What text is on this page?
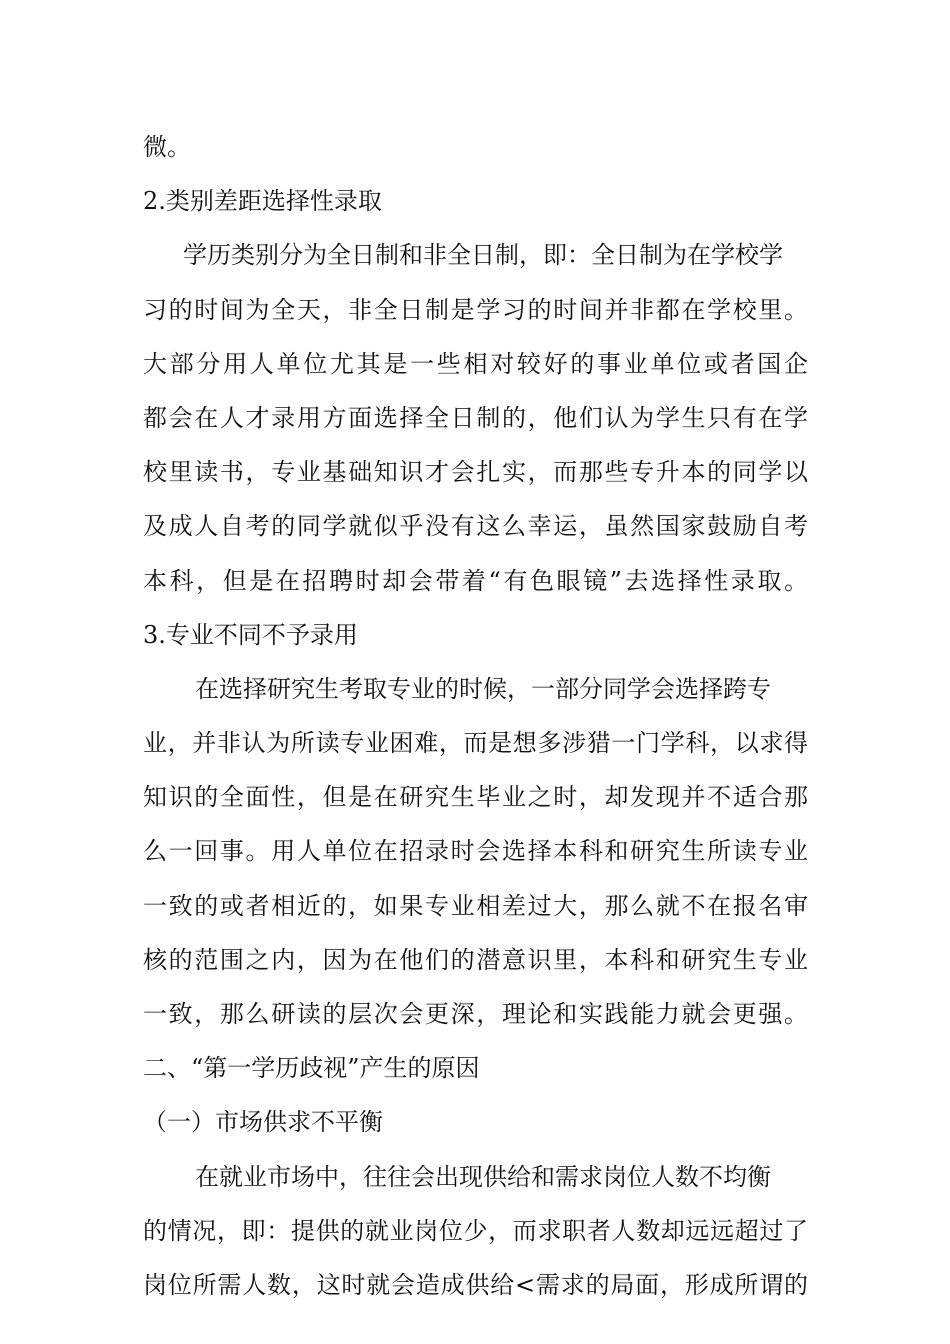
微。
2.类别差距选择性录取
学历类别分为全日制和非全日制，即：全日制为在学校学
习的时间为全天，非全日制是学习的时间并非都在学校里。
大部分用人单位尤其是一些相对较好的事业单位或者国企
都会在人才录用方面选择全日制的，他们认为学生只有在学
校里读书，专业基础知识才会扎实，而那些专升本的同学以
及成人自考的同学就似乎没有这么幸运，虽然国家鼓励自考
本科，但是在招聘时却会带着“有色眼镜”去选择性录取。
3.专业不同不予录用
在选择研究生考取专业的时候，一部分同学会选择跨专
业，并非认为所读专业困难，而是想多涉猎一门学科，以求得
知识的全面性，但是在研究生毕业之时，却发现并不适合那
么一回事。用人单位在招录时会选择本科和研究生所读专业
一致的或者相近的，如果专业相差过大，那么就不在报名审
核的范围之内，因为在他们的潜意识里，本科和研究生专业
一致，那么研读的层次会更深，理论和实践能力就会更强。
二、“第一学历歧视”产生的原因
（一）市场供求不平衡
在就业市场中，往往会出现供给和需求岗位人数不均衡
的情况，即：提供的就业岗位少，而求职者人数却远远超过了
岗位所需人数，这时就会造成供给<需求的局面，形成所谓的
